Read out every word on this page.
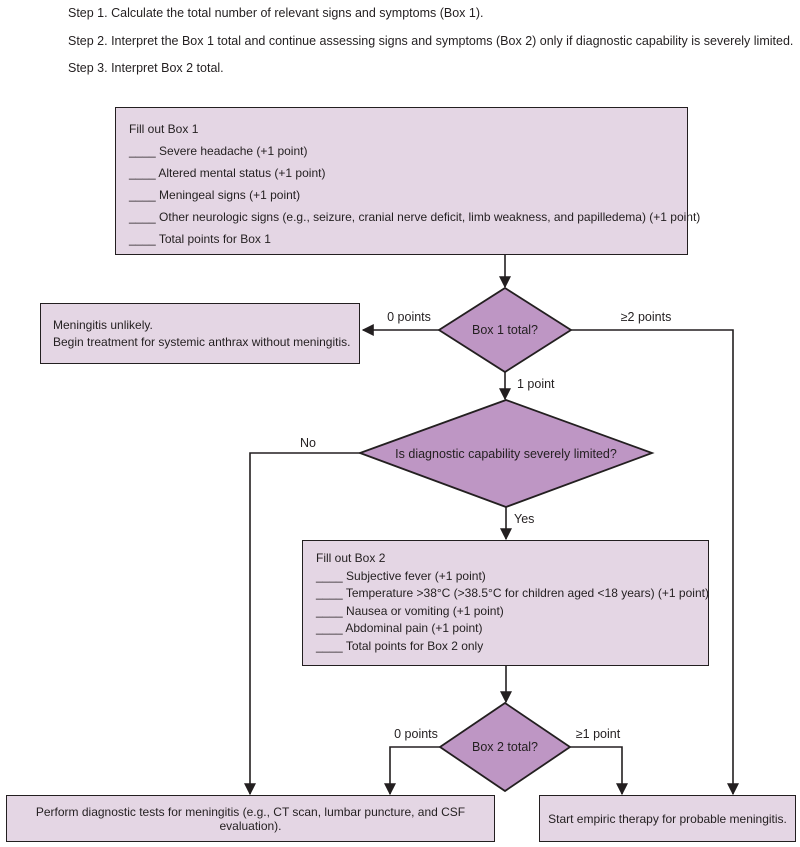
Step 1. Calculate the total number of relevant signs and symptoms (Box 1).
Step 2. Interpret the Box 1 total and continue assessing signs and symptoms (Box 2) only if diagnostic capability is severely limited.
Step 3. Interpret Box 2 total.
Fill out Box 1
____ Severe headache (+1 point)
____ Altered mental status (+1 point)
____ Meningeal signs (+1 point)
____ Other neurologic signs (e.g., seizure, cranial nerve deficit, limb weakness, and papilledema) (+1 point)
____ Total points for Box 1
Box 1 total?
0 points	≥2 points
1 point
Meningitis unlikely.
Begin treatment for systemic anthrax without meningitis.
Is diagnostic capability severely limited?
No
Yes
Fill out Box 2
____ Subjective fever (+1 point)
____ Temperature >38°C (>38.5°C for children aged <18 years) (+1 point)
____ Nausea or vomiting (+1 point)
____ Abdominal pain (+1 point)
____ Total points for Box 2 only
Box 2 total?
0 points	≥1 point
Perform diagnostic tests for meningitis (e.g., CT scan, lumbar puncture, and CSF evaluation).	Start empiric therapy for probable meningitis.
